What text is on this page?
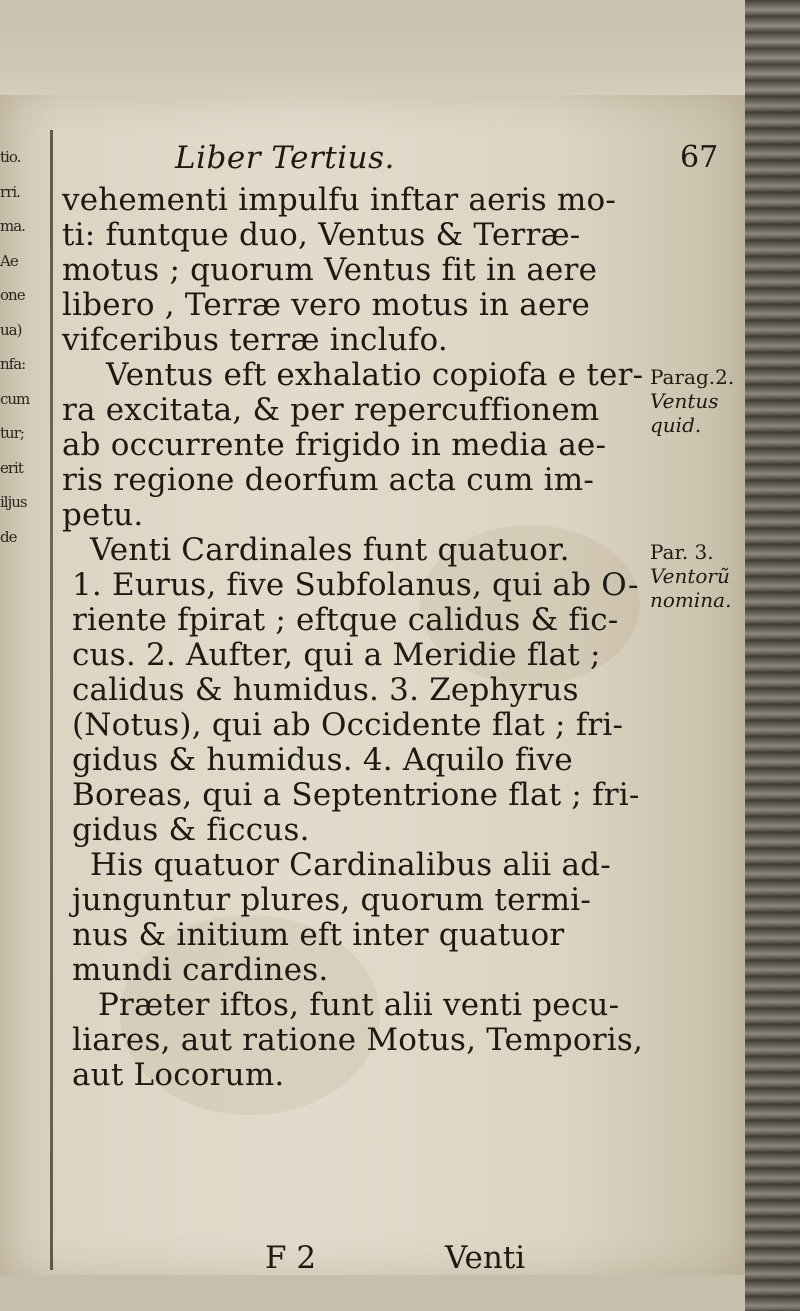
tio.
rri.
ma.
Ae
one
ua)
nfa:
cum
tur;
erit
iljus
de
Liber Tertius.	67
vehementi impulfu inftar aeris mo-
ti: funtque duo, Ventus & Terræ-
motus ; quorum Ventus fit in aere
libero , Terræ vero motus in aere
vifceribus terræ inclufo.
Ventus eft exhalatio copiofa e ter-
ra excitata, & per repercuffionem
ab occurrente frigido in media ae-
ris regione deorfum acta cum im-
petu.
Venti Cardinales funt quatuor.
1. Eurus, five Subfolanus, qui ab O-
riente fpirat ; eftque calidus & fic-
cus. 2. Aufter, qui a Meridie flat ;
calidus & humidus. 3. Zephyrus
(Notus), qui ab Occidente flat ; fri-
gidus & humidus. 4. Aquilo five
Boreas, qui a Septentrione flat ; fri-
gidus & ficcus.
His quatuor Cardinalibus alii ad-
junguntur plures, quorum termi-
nus & initium eft inter quatuor
mundi cardines.
Præter iftos, funt alii venti pecu-
liares, aut ratione Motus, Temporis,
aut Locorum.
Parag.2.
Ventus quid.
Par. 3.
Ventorũ nomina.
F 2	Venti
